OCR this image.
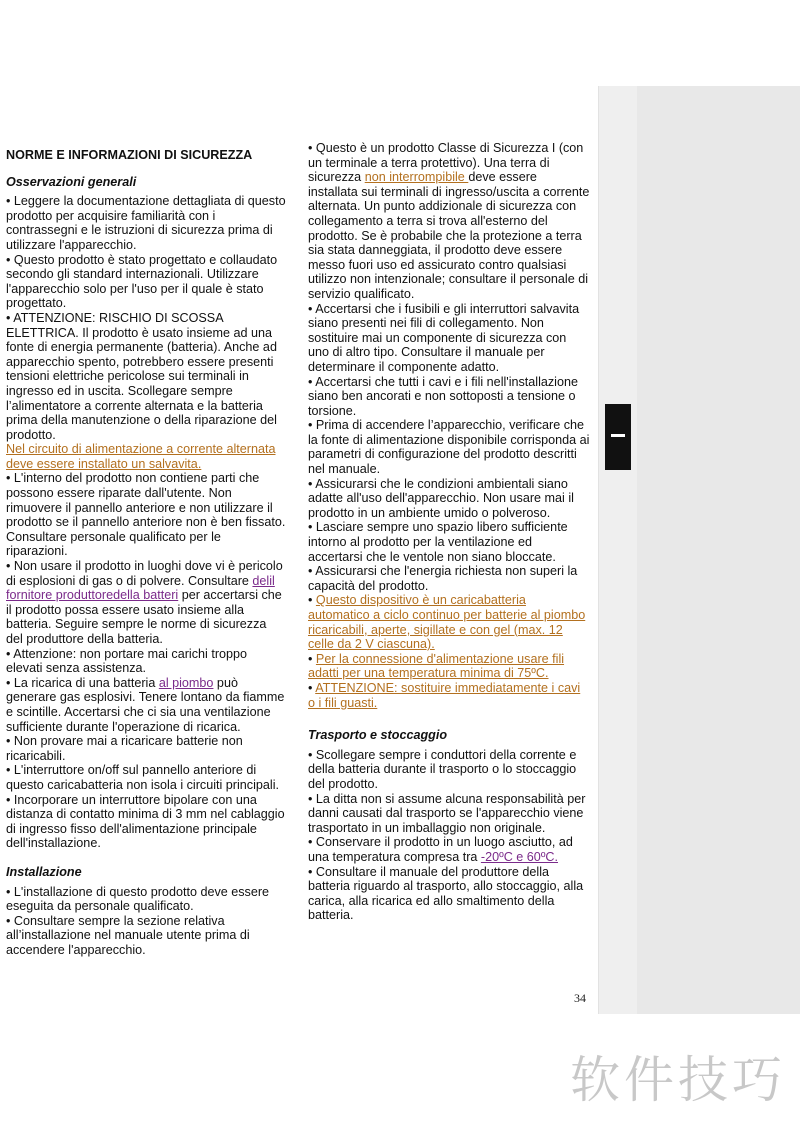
NORME E INFORMAZIONI DI SICUREZZA
Osservazioni generali

• Leggere la documentazione dettagliata di questo prodotto per acquisire familiarità con i contrassegni e le istruzioni di sicurezza prima di utilizzare l'apparecchio.

• Questo prodotto è stato progettato e collaudato secondo gli standard internazionali. Utilizzare l'apparecchio solo per l'uso per il quale è stato progettato.

• ATTENZIONE: RISCHIO DI SCOSSA ELETTRICA. Il prodotto è usato insieme ad una fonte di energia permanente (batteria). Anche ad apparecchio spento, potrebbero essere presenti tensioni elettriche pericolose sui terminali in ingresso ed in uscita. Scollegare sempre l’alimentatore a corrente alternata e la batteria prima della manutenzione o della riparazione del prodotto.

Nel circuito di alimentazione a corrente alternata deve essere installato un salvavita.

• L'interno del prodotto non contiene parti che possono essere riparate dall'utente. Non rimuovere il pannello anteriore e non utilizzare il prodotto se il pannello anteriore non è ben fissato. Consultare personale qualificato per le riparazioni.

• Non usare il prodotto in luoghi dove vi è pericolo di esplosioni di gas o di polvere. Consultare delil fornitore produttoredella batteri per accertarsi che il prodotto possa essere usato insieme alla batteria. Seguire sempre le norme di sicurezza del produttore della batteria.

• Attenzione: non portare mai carichi troppo elevati senza assistenza.

• La ricarica di una batteria al piombo può generare gas esplosivi. Tenere lontano da fiamme e scintille. Accertarsi che ci sia una ventilazione sufficiente durante l'operazione di ricarica.

• Non provare mai a ricaricare batterie non ricaricabili.

• L'interruttore on/off sul pannello anteriore di questo caricabatteria non isola i circuiti principali.

• Incorporare un interruttore bipolare con una distanza di contatto minima di 3 mm nel cablaggio di ingresso fisso dell'alimentazione principale dell'installazione.

Installazione

• L'installazione di questo prodotto deve essere eseguita da personale qualificato.

• Consultare sempre la sezione relativa all’installazione nel manuale utente prima di accendere l'apparecchio.

• Questo è un prodotto Classe di Sicurezza I (con un terminale a terra protettivo). Una terra di sicurezza non interrompibile deve essere installata sui terminali di ingresso/uscita a corrente alternata. Un punto addizionale di sicurezza con collegamento a terra si trova all'esterno del prodotto. Se è probabile che la protezione a terra sia stata danneggiata, il prodotto deve essere messo fuori uso ed assicurato contro qualsiasi utilizzo non intenzionale; consultare il personale di servizio qualificato.

• Accertarsi che i fusibili e gli interruttori salvavita siano presenti nei fili di collegamento. Non sostituire mai un componente di sicurezza con uno di altro tipo. Consultare il manuale per determinare il componente adatto.

• Accertarsi che tutti i cavi e i fili nell'installazione siano ben ancorati e non sottoposti a tensione o torsione.

• Prima di accendere l’apparecchio, verificare che la fonte di alimentazione disponibile corrisponda ai parametri di configurazione del prodotto descritti nel manuale.

• Assicurarsi che le condizioni ambientali siano adatte all'uso dell'apparecchio. Non usare mai il prodotto in un ambiente umido o polveroso.

• Lasciare sempre uno spazio libero sufficiente intorno al prodotto per la ventilazione ed accertarsi che le ventole non siano bloccate.

• Assicurarsi che l'energia richiesta non superi la capacità del prodotto.

• Questo dispositivo è un caricabatteria automatico a ciclo continuo per batterie al piombo ricaricabili, aperte, sigillate e con gel (max. 12 celle da 2 V ciascuna).

• Per la connessione d'alimentazione usare fili adatti per una temperatura minima di 75ºC.

• ATTENZIONE: sostituire immediatamente i cavi o i fili guasti.

Trasporto e stoccaggio

• Scollegare sempre i conduttori della corrente e della batteria durante il trasporto o lo stoccaggio del prodotto.

• La ditta non si assume alcuna responsabilità per danni causati dal trasporto se l'apparecchio viene trasportato in un imballaggio non originale.

• Conservare il prodotto in un luogo asciutto, ad una temperatura compresa tra -20ºC e 60ºC.

• Consultare il manuale del produttore della batteria riguardo al trasporto, allo stoccaggio, alla carica, alla ricarica ed allo smaltimento della batteria.

34
软件技巧
